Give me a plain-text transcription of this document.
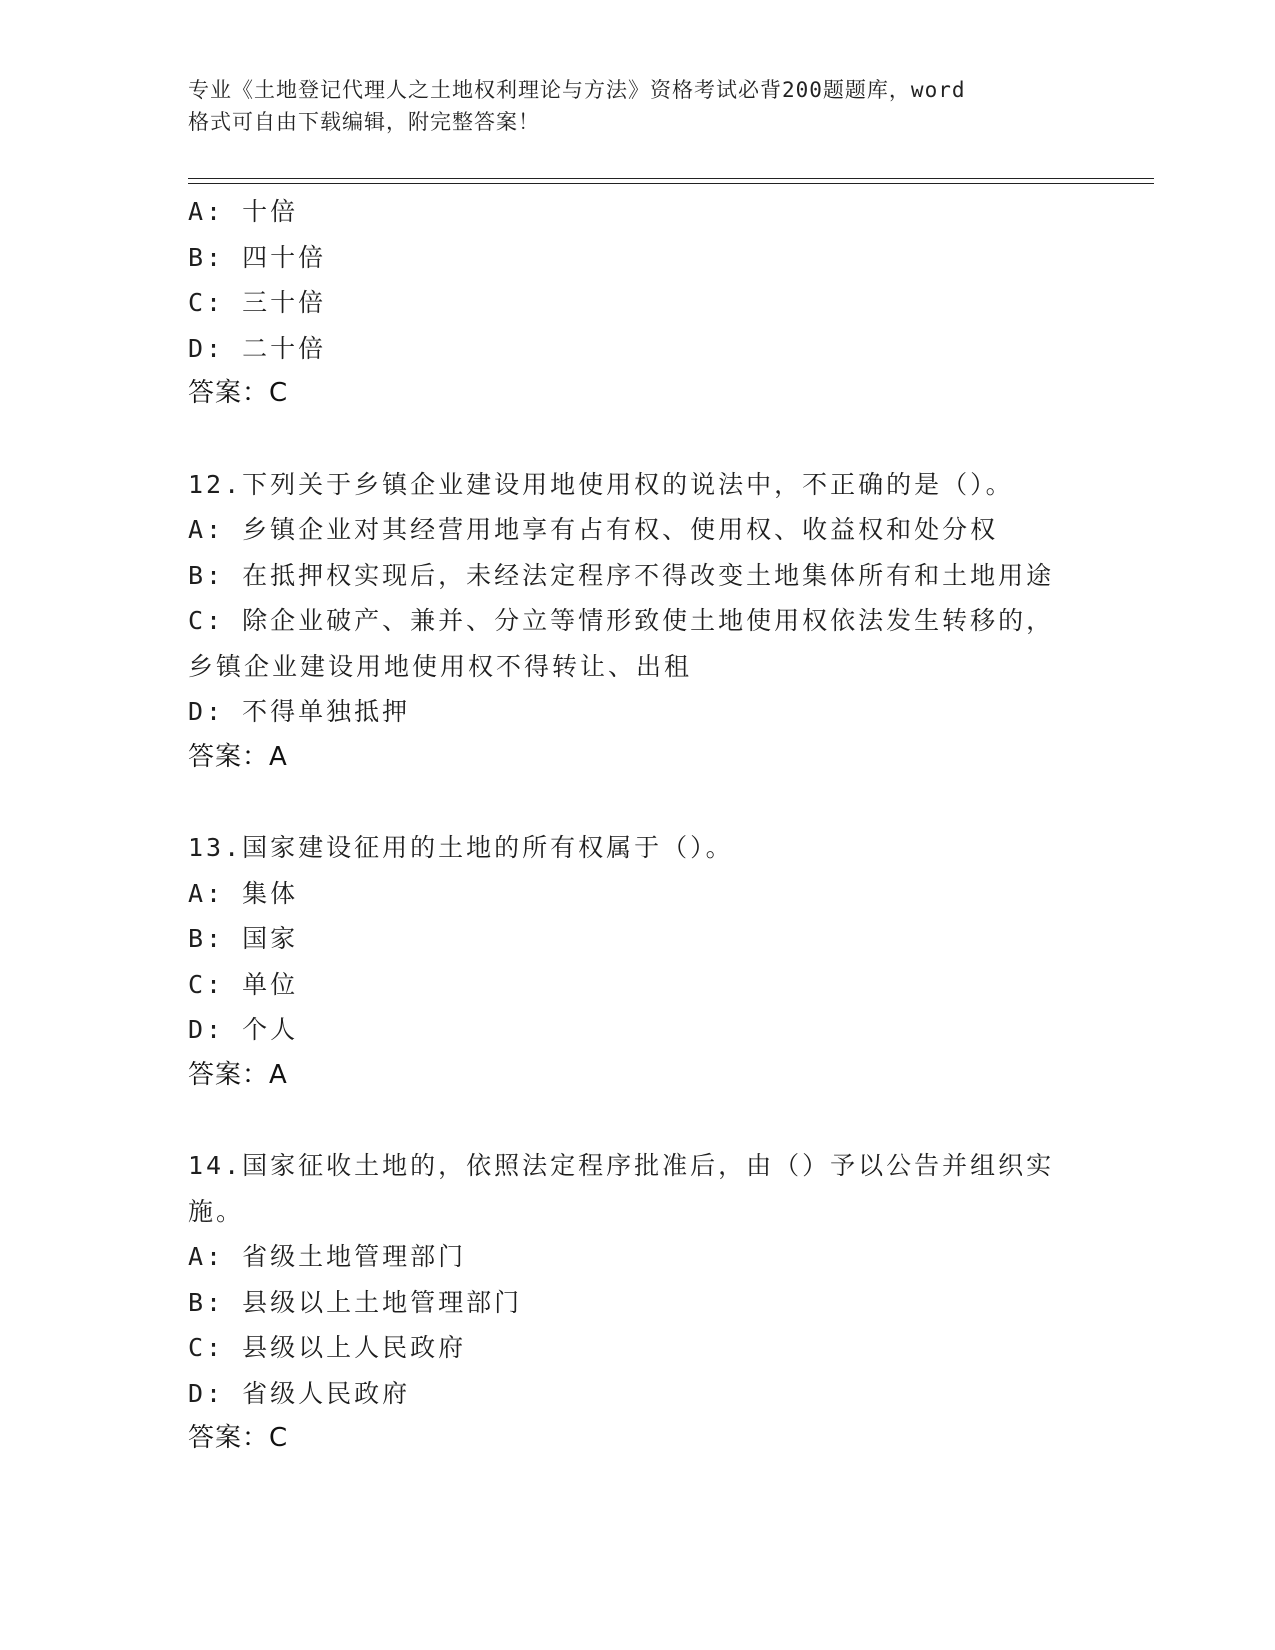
专业《土地登记代理人之土地权利理论与方法》资格考试必背200题题库，word
格式可自由下载编辑，附完整答案！
A: 十倍
B: 四十倍
C: 三十倍
D: 二十倍
答案：C
12.下列关于乡镇企业建设用地使用权的说法中，不正确的是（）。
A: 乡镇企业对其经营用地享有占有权、使用权、收益权和处分权
B: 在抵押权实现后，未经法定程序不得改变土地集体所有和土地用途
C: 除企业破产、兼并、分立等情形致使土地使用权依法发生转移的，
乡镇企业建设用地使用权不得转让、出租
D: 不得单独抵押
答案：A
13.国家建设征用的土地的所有权属于（）。
A: 集体
B: 国家
C: 单位
D: 个人
答案：A
14.国家征收土地的，依照法定程序批准后，由（）予以公告并组织实
施。
A: 省级土地管理部门
B: 县级以上土地管理部门
C: 县级以上人民政府
D: 省级人民政府
答案：C
